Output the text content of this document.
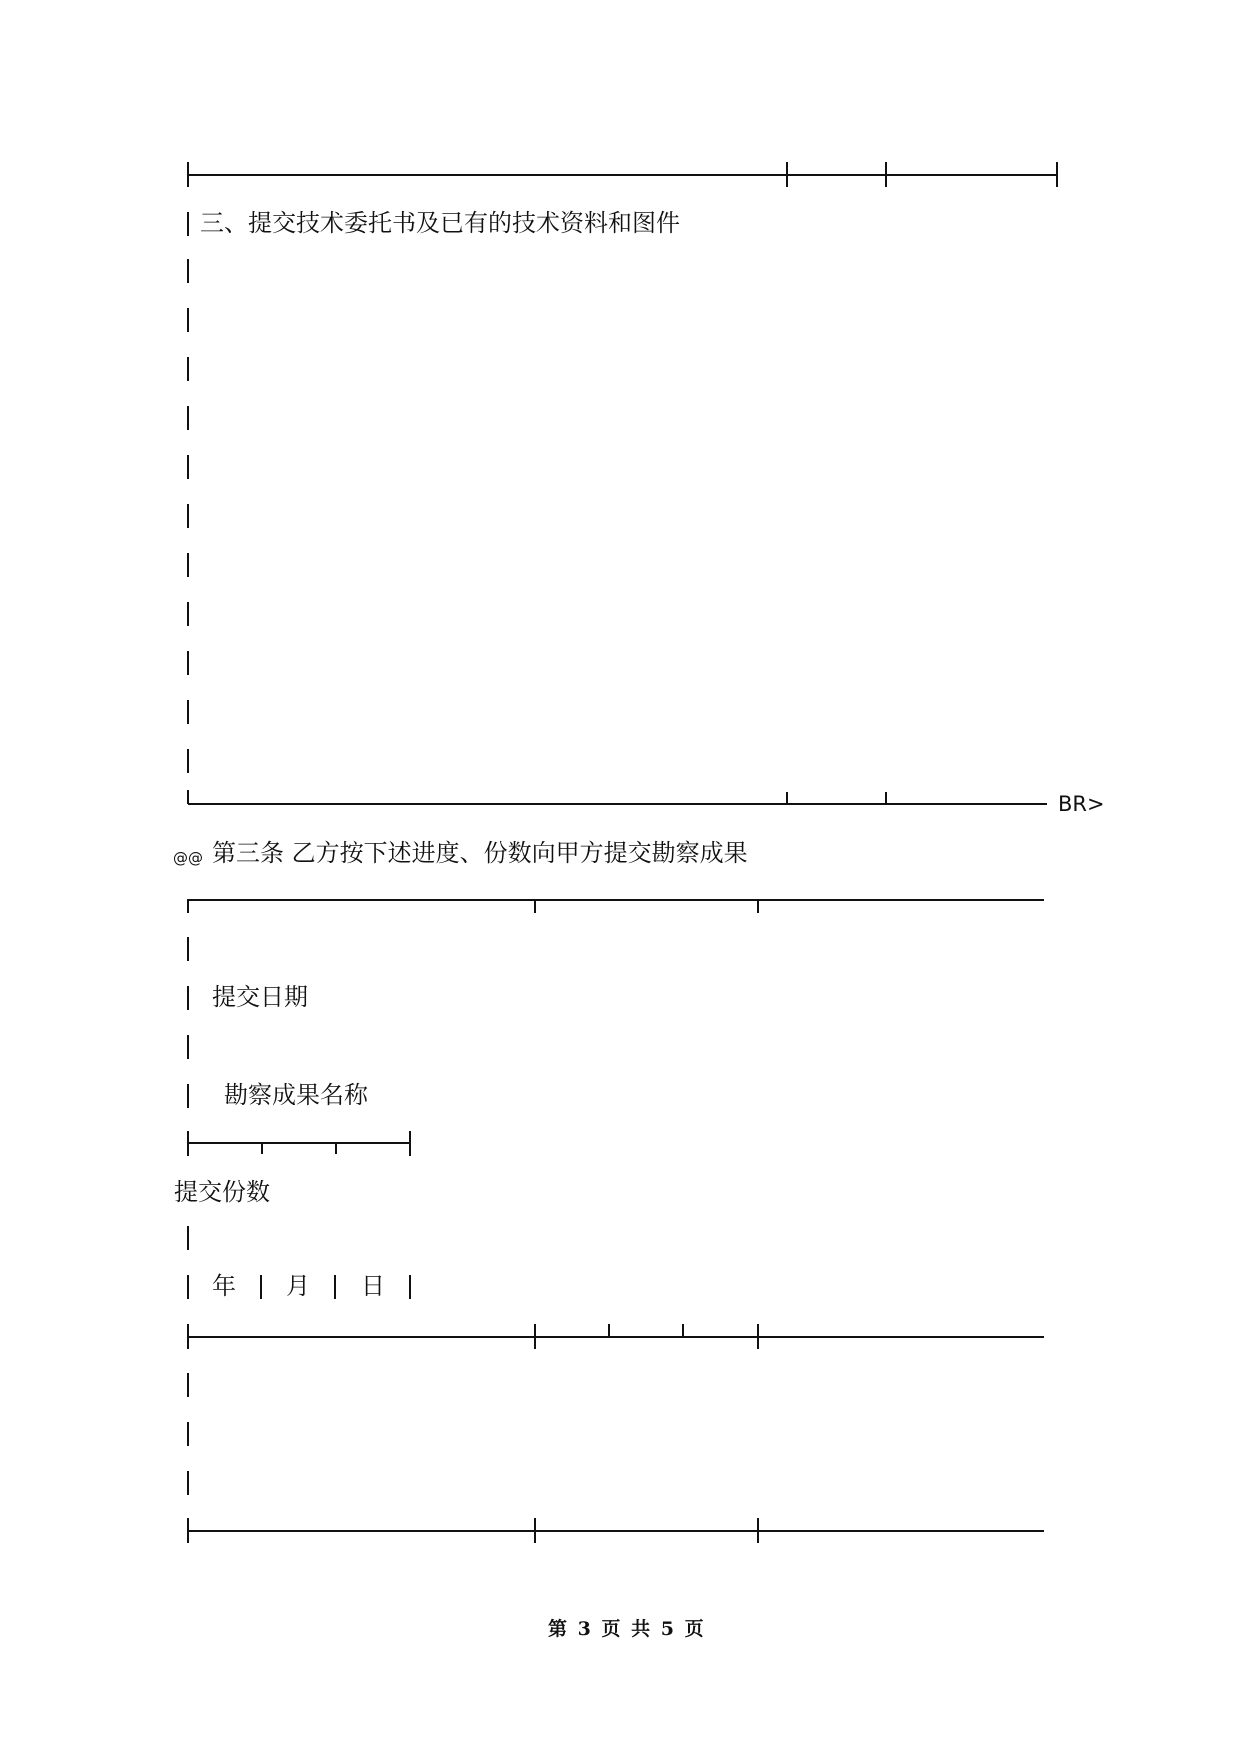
三、提交技术委托书及已有的技术资料和图件
BR>
@@ 第三条 乙方按下述进度、份数向甲方提交勘察成果
提交日期
勘察成果名称
提交份数
年 月 日
第 3 页 共 5 页
